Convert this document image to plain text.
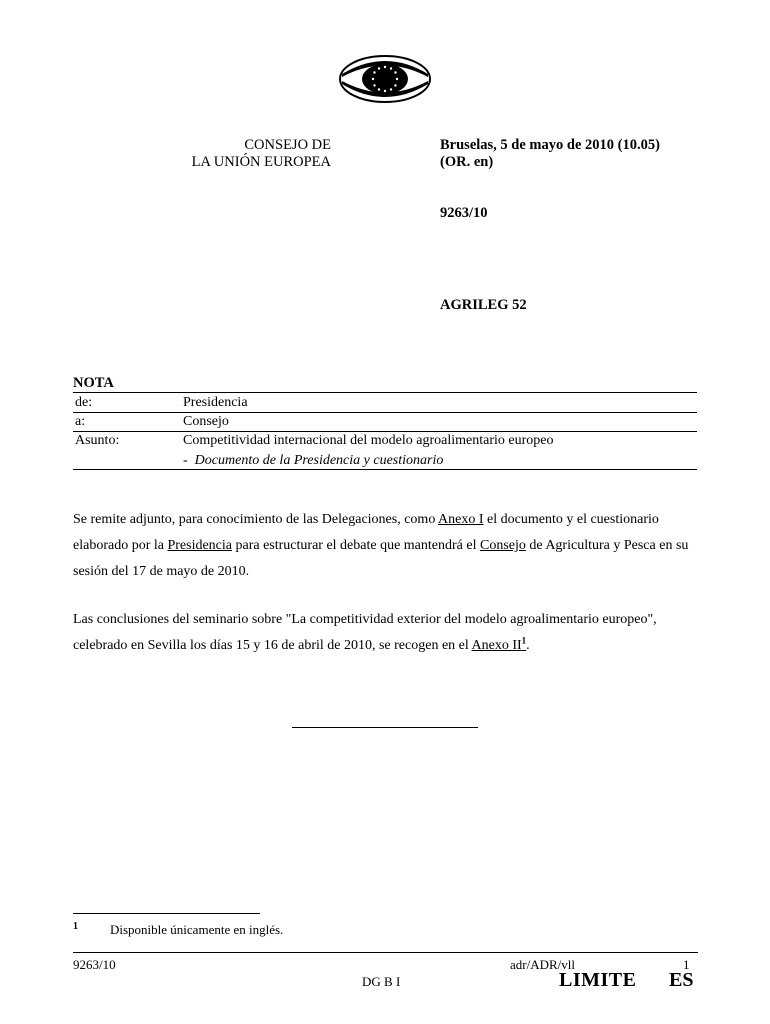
CONSEJO DE
LA UNIÓN EUROPEA
Bruselas, 5 de mayo de 2010 (10.05)
(OR. en)
9263/10
AGRILEG 52
NOTA
de:	Presidencia
a:	Consejo
Asunto:	Competitividad internacional del modelo agroalimentario europeo
- Documento de la Presidencia y cuestionario

Se remite adjunto, para conocimiento de las Delegaciones, como Anexo I el documento y el cuestionario elaborado por la Presidencia para estructurar el debate que mantendrá el Consejo de Agricultura y Pesca en su sesión del 17 de mayo de 2010.

Las conclusiones del seminario sobre "La competitividad exterior del modelo agroalimentario europeo", celebrado en Sevilla los días 15 y 16 de abril de 2010, se recogen en el Anexo $II^1$.

1 Disponible únicamente en inglés.
9263/10	adr/ADR/vll	1
DG B I	LIMITE ES
